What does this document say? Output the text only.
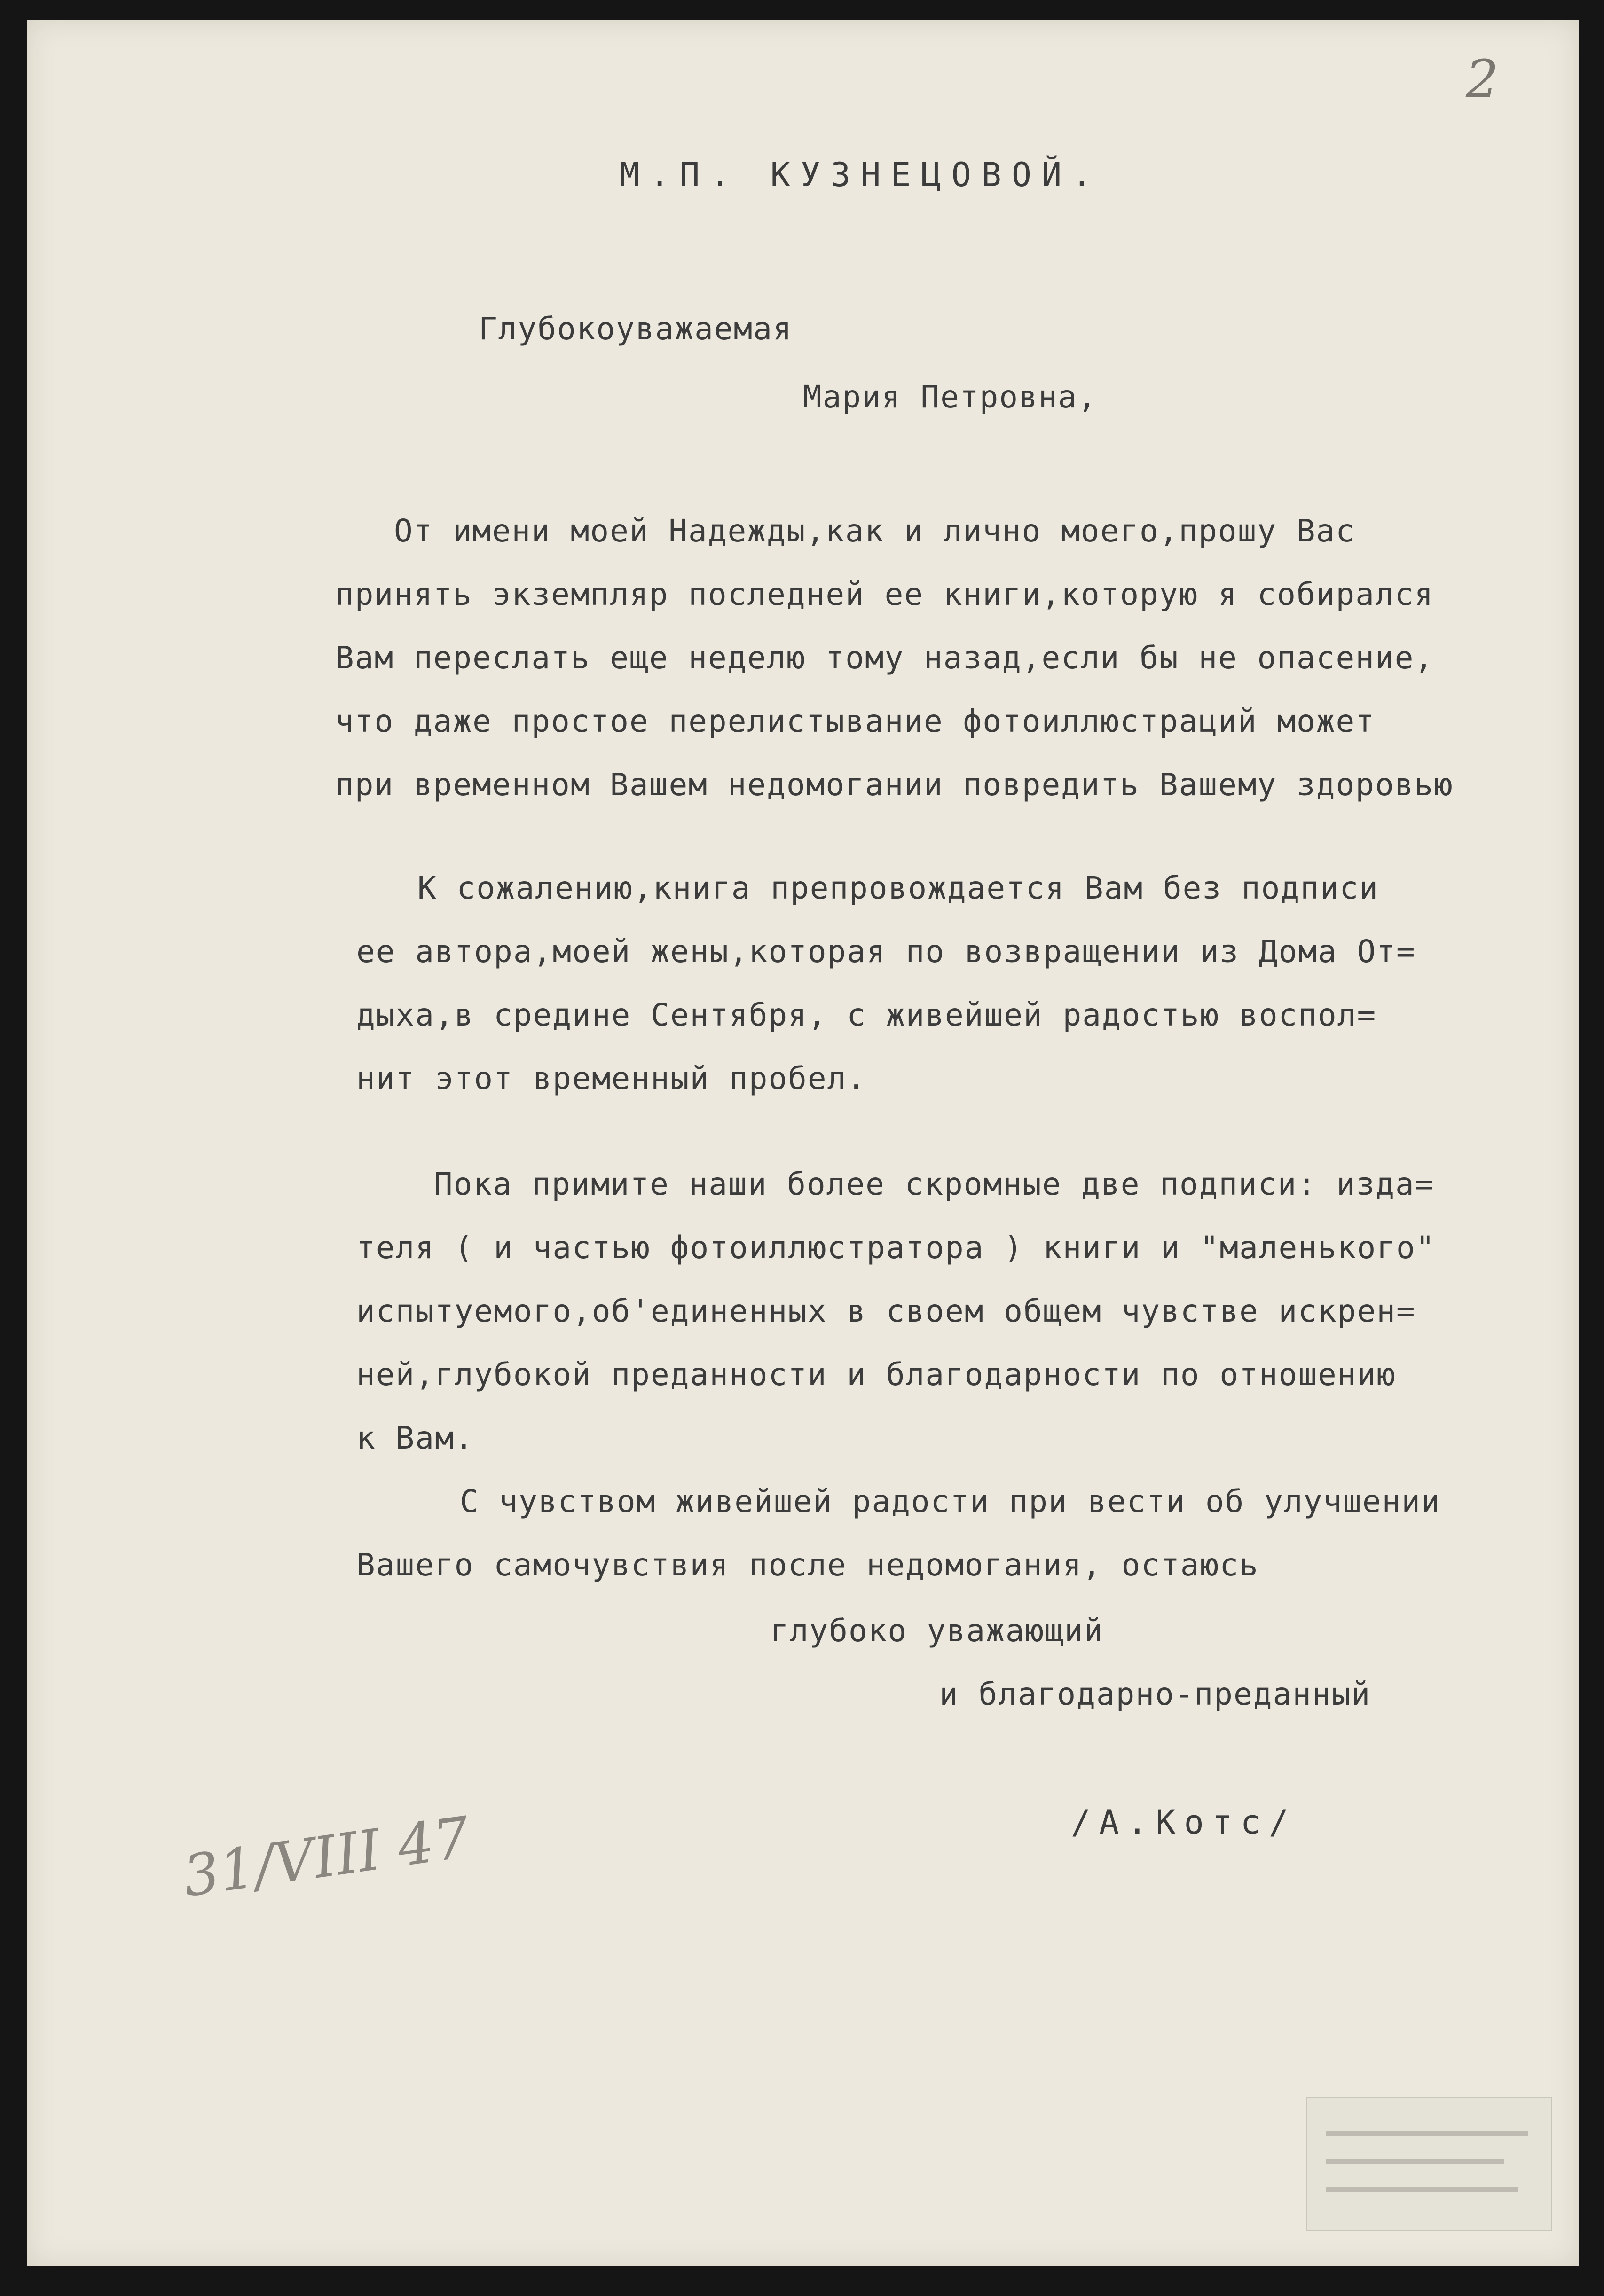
2

М.П. КУЗНЕЦОВОЙ.

Глубокоуважаемая

Мария Петровна,

От имени моей Надежды,как и лично моего,прошу Вас

принять экземпляр последней ее книги,которую я собирался

Вам переслать еще неделю тому назад,если бы не опасение,

что даже простое перелистывание фотоиллюстраций может

при временном Вашем недомогании повредить Вашему здоровью

К сожалению,книга препровождается Вам без подписи

ее автора,моей жены,которая по возвращении из Дома От=

дыха,в средине Сентября, с живейшей радостью воспол=

нит этот временный пробел.

Пока примите наши более скромные две подписи: изда=

теля ( и частью фотоиллюстратора ) книги и "маленького"

испытуемого,об'единенных в своем общем чувстве искрен=

ней,глубокой преданности и благодарности по отношению

к Вам.

С чувством живейшей радости при вести об улучшении

Вашего самочувствия после недомогания, остаюсь

глубоко уважающий

и благодарно-преданный

/А.Котс/

31/VIII 47
